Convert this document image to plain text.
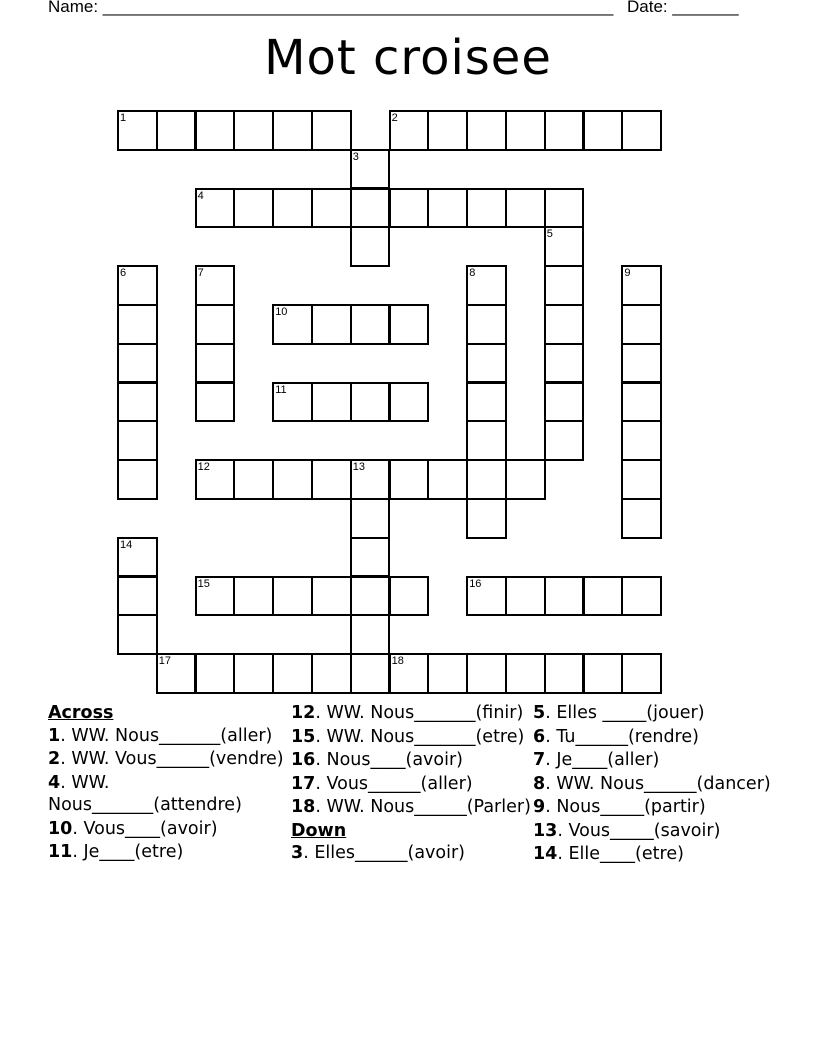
Name: ______________________________________________________ Date: _______
Mot croisee
1	2
3
4
5
6	7	8	9
10
11
12	13
14
15	16
17	18
Across
1. WW. Nous_______(aller)
2. WW. Vous______(vendre)
4. WW. Nous_______(attendre)
10. Vous____(avoir)
11. Je____(etre)
12. WW. Nous_______(finir)
15. WW. Nous_______(etre)
16. Nous____(avoir)
17. Vous______(aller)
18. WW. Nous______(Parler)
Down
3. Elles______(avoir)
5. Elles _____(jouer)
6. Tu______(rendre)
7. Je____(aller)
8. WW. Nous______(dancer)
9. Nous_____(partir)
13. Vous_____(savoir)
14. Elle____(etre)
